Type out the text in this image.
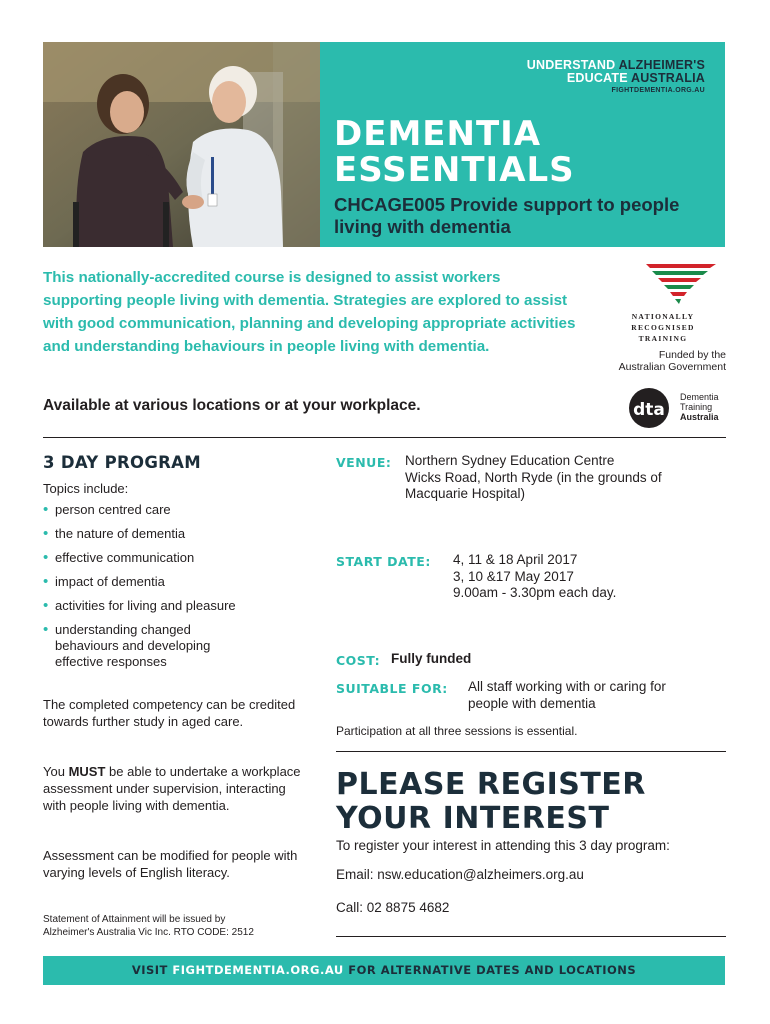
UNDERSTAND ALZHEIMER'S
EDUCATE AUSTRALIA
FIGHTDEMENTIA.ORG.AU
DEMENTIA
ESSENTIALS
CHCAGE005 Provide support to people living with dementia
This nationally-accredited course is designed to assist workers supporting people living with dementia. Strategies are explored to assist with good communication, planning and developing appropriate activities and understanding behaviours in people living with dementia.
NATIONALLY RECOGNISED
TRAINING
Funded by the
Australian Government
Available at various locations or at your workplace.	dta
Dementia
Training
Australia
3 DAY PROGRAM
Topics include:
• person centred care
• the nature of dementia
• effective communication
• impact of dementia
• activities for living and pleasure
• understanding changed behaviours and developing effective responses
The completed competency can be credited towards further study in aged care.
You MUST be able to undertake a workplace assessment under supervision, interacting with people living with dementia.
Assessment can be modified for people with varying levels of English literacy.
Statement of Attainment will be issued by
Alzheimer's Australia Vic Inc. RTO CODE: 2512
VENUE: Northern Sydney Education Centre
Wicks Road, North Ryde (in the grounds of
Macquarie Hospital)
START DATE: 4, 11 & 18 April 2017
3, 10 &17 May 2017
9.00am - 3.30pm each day.
COST: Fully funded
SUITABLE FOR: All staff working with or caring for
people with dementia
Participation at all three sessions is essential.
PLEASE REGISTER
YOUR INTEREST
To register your interest in attending this 3 day program:
Email: nsw.education@alzheimers.org.au
Call: 02 8875 4682
VISIT FIGHTDEMENTIA.ORG.AU FOR ALTERNATIVE DATES AND LOCATIONS
